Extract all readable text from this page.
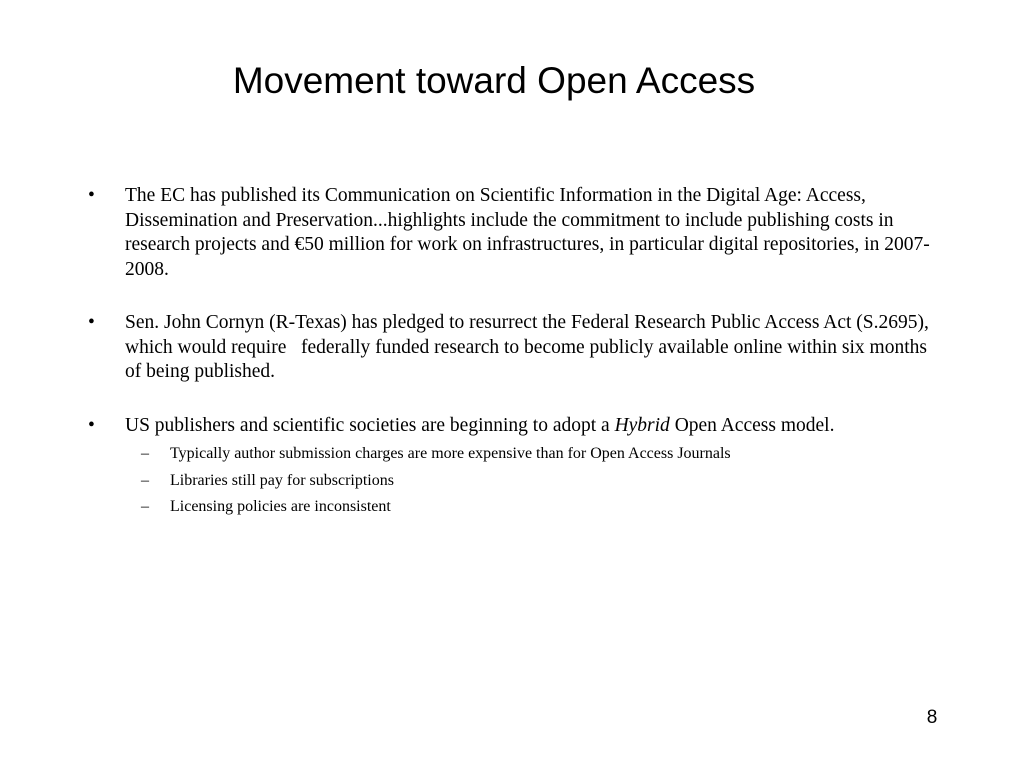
Movement toward Open Access

• The EC has published its Communication on Scientific Information in the Digital Age: Access, Dissemination and Preservation...highlights include the commitment to include publishing costs in research projects and €50 million for work on infrastructures, in particular digital repositories, in 2007-2008.

• Sen. John Cornyn (R-Texas) has pledged to resurrect the Federal Research Public Access Act (S.2695), which would require   federally funded research to become publicly available online within six months of being published.

• US publishers and scientific societies are beginning to adopt a Hybrid Open Access model.

– Typically author submission charges are more expensive than for Open Access Journals
– Libraries still pay for subscriptions
– Licensing policies are inconsistent
8
